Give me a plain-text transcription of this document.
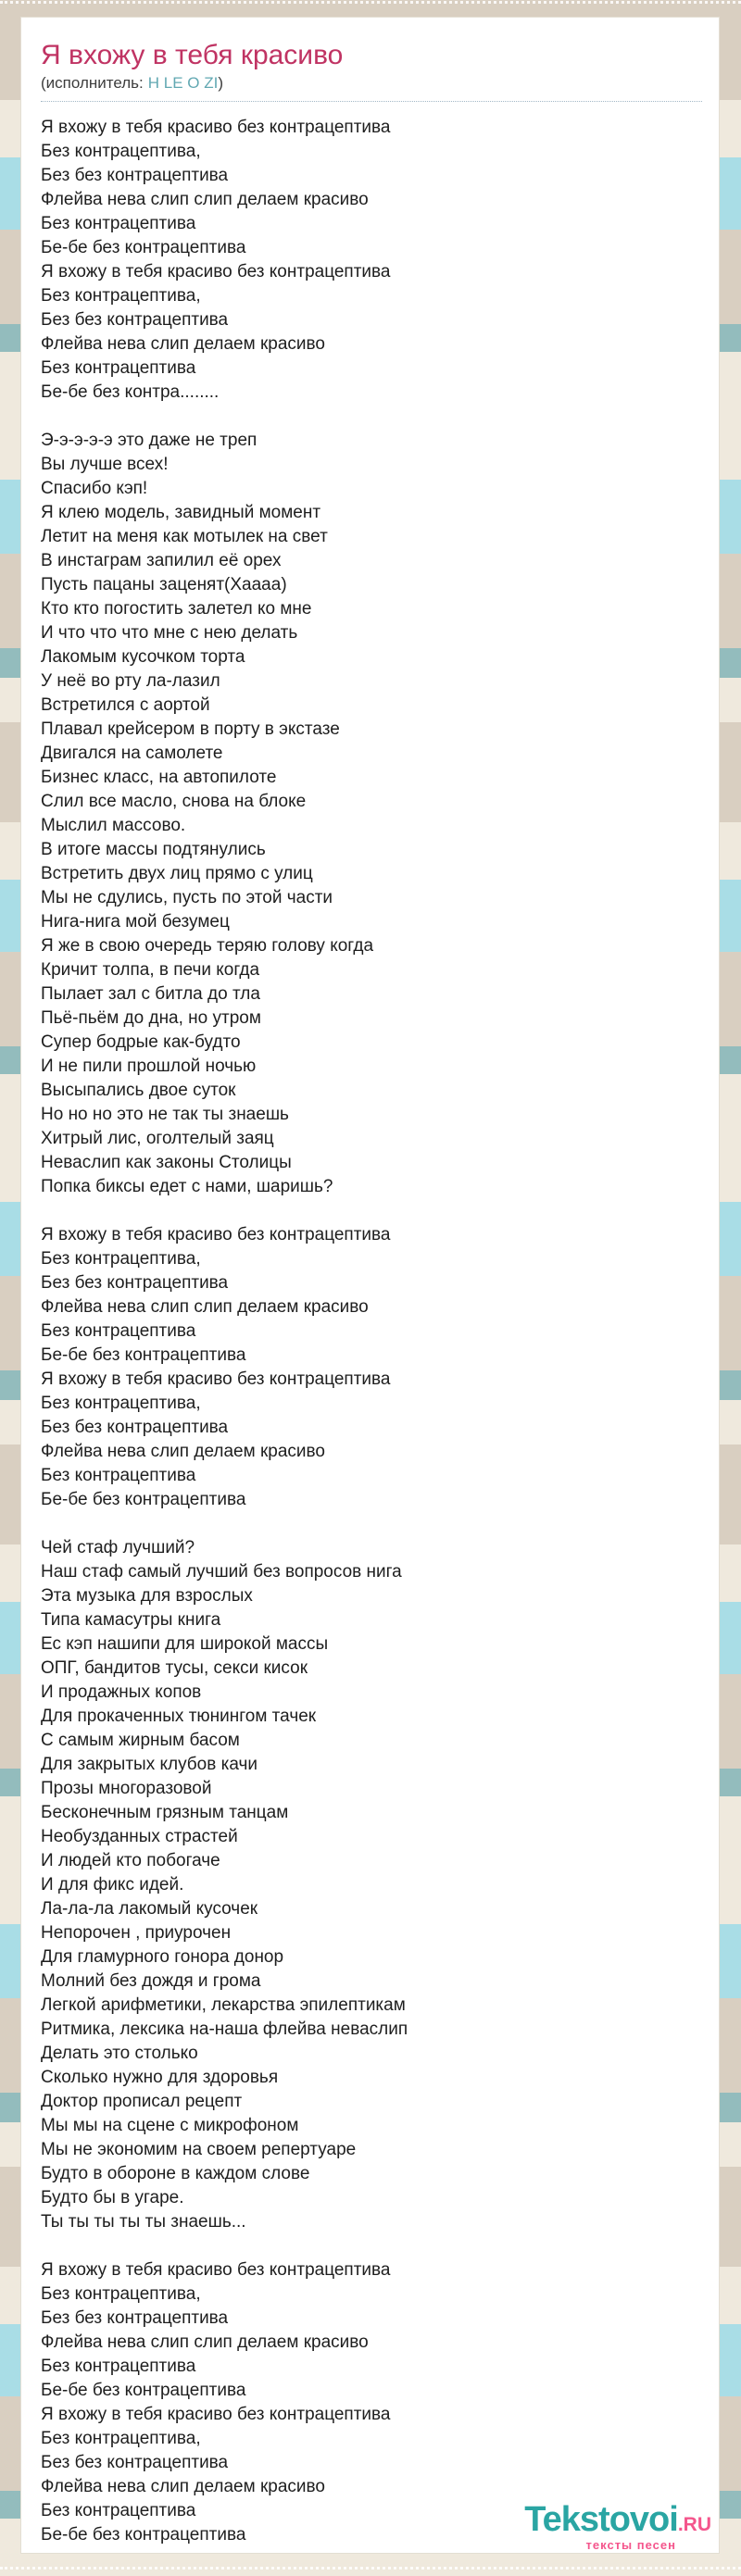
Я вхожу в тебя красиво
(исполнитель: H LE O ZI)
Я вхожу в тебя красиво без контрацептива
Без контрацептива,
Без без контрацептива
Флейва нева слип слип делаем красиво
Без контрацептива
Бе-бе без контрацептива
Я вхожу в тебя красиво без контрацептива
Без контрацептива,
Без без контрацептива
Флейва нева слип делаем красиво
Без контрацептива
Бе-бе без контра........
Э-э-э-э-э это даже не треп
Вы лучше всех!
Спасибо кэп!
Я клею модель, завидный момент
Летит на меня как мотылек на свет
В инстаграм запилил её орех
Пусть пацаны заценят(Хаааа)
Кто кто погостить залетел ко мне
И что что что мне с нею делать
Лакомым кусочком торта
У неё во рту ла-лазил
Встретился с аортой
Плавал крейсером в порту в экстазе
Двигался на самолете
Бизнес класс, на автопилоте
Слил все масло, снова на блоке
Мыслил массово.
В итоге массы подтянулись
Встретить двух лиц прямо с улиц
Мы не сдулись, пусть по этой части
Нига-нига мой безумец
Я же в свою очередь теряю голову когда
Кричит толпа, в печи когда
Пылает зал с битла до тла
Пьё-пьём до дна, но утром
Супер бодрые как-будто
И не пили прошлой ночью
Высыпались двое суток
Но но но это не так ты знаешь
Хитрый лис, оголтелый заяц
Неваслип как законы Столицы
Попка биксы едет с нами, шаришь?
Я вхожу в тебя красиво без контрацептива
Без контрацептива,
Без без контрацептива
Флейва нева слип слип делаем красиво
Без контрацептива
Бе-бе без контрацептива
Я вхожу в тебя красиво без контрацептива
Без контрацептива,
Без без контрацептива
Флейва нева слип делаем красиво
Без контрацептива
Бе-бе без контрацептива
Чей стаф лучший?
Наш стаф самый лучший без вопросов нига
Эта музыка для взрослых
Типа камасутры книга
Ес кэп нашипи для широкой массы
ОПГ, бандитов тусы, секси кисок
И продажных копов
Для прокаченных тюнингом тачек
С самым жирным басом
Для закрытых клубов качи
Прозы многоразовой
Бесконечным грязным танцам
Необузданных страстей
И людей кто побогаче
И для фикс идей.
Ла-ла-ла лакомый кусочек
Непорочен , приурочен
Для гламурного гонора донор
Молний без дождя и грома
Легкой арифметики, лекарства эпилептикам
Ритмика, лексика на-наша флейва неваслип
Делать это столько
Сколько нужно для здоровья
Доктор прописал рецепт
Мы мы на сцене с микрофоном
Мы не экономим на своем репертуаре
Будто в обороне в каждом слове
Будто бы в угаре.
Ты ты ты ты ты знаешь...
Я вхожу в тебя красиво без контрацептива
Без контрацептива,
Без без контрацептива
Флейва нева слип слип делаем красиво
Без контрацептива
Бе-бе без контрацептива
Я вхожу в тебя красиво без контрацептива
Без контрацептива,
Без без контрацептива
Флейва нева слип делаем красиво
Без контрацептива
Бе-бе без контрацептива	Tekstovoi.RU
тексты песен
